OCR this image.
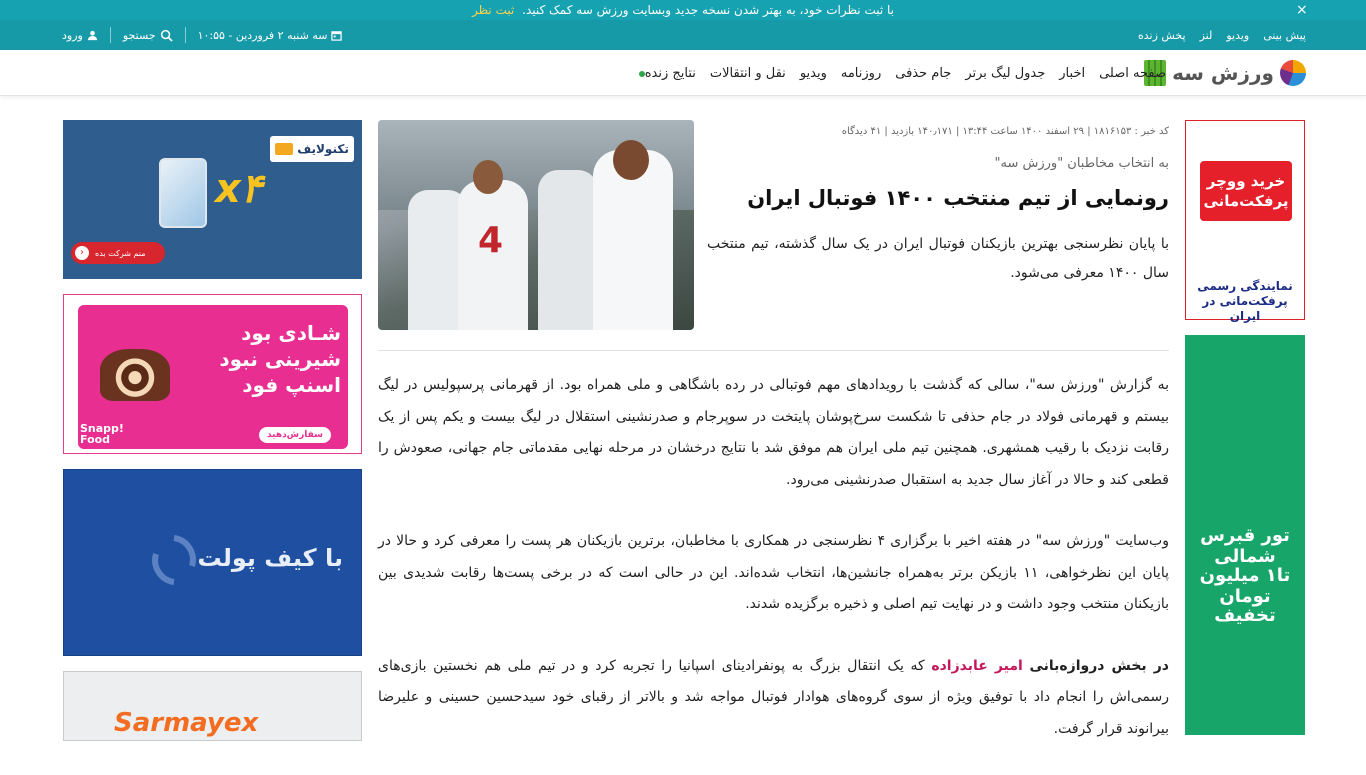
با ثبت نظرات خود، به بهتر شدن نسخه جدید وبسایت ورزش سه کمک کنید. ثبت نظر	×
پیش بینی
ویدیو
لنز
پخش زنده
ورود	جستجو	سه شنبه ۲ فروردین - ۱۰:۵۵
ورزش سه
صفحه اصلی
اخبار
جدول لیگ برتر
جام حذفی
روزنامه
ویدیو
نقل و انتقالات
نتایج زنده
تکنولایف
x۴
منم شرکت بده
‹
شـادی بود
شیرینی نبود
اسنپ فود
Snapp! Food	سفارش‌دهید
با کیف پولت
Sarmayex
خرید ووچر پرفکت‌مانی
نمایندگی رسمی پرفکت‌مانی در ایران
تور قبرس شمالی
تا۱ میلیون تومان
تخفیف
کد خبر : ۱۸۱۶۱۵۳ | ۲۹ اسفند ۱۴۰۰ ساعت ۱۳:۴۴ | ۱۴۰٫۱۷۱ بازدید | ۴۱ دیدگاه
به انتخاب مخاطبان "ورزش سه"
رونمایی از تیم منتخب ۱۴۰۰ فوتبال ایران

با پایان نظرسنجی بهترین بازیکنان فوتبال ایران در یک سال گذشته، تیم منتخب سال ۱۴۰۰ معرفی می‌شود.

4

به گزارش "ورزش سه"، سالی که گذشت با رویدادهای مهم فوتبالی در رده باشگاهی و ملی همراه بود. از قهرمانی پرسپولیس در لیگ بیستم و قهرمانی فولاد در جام حذفی تا شکست سرخ‌پوشان پایتخت در سوپرجام و صدرنشینی استقلال در لیگ بیست و یکم پس از یک رقابت نزدیک با رقیب همشهری. همچنین تیم ملی ایران هم موفق شد با نتایج درخشان در مرحله نهایی مقدماتی جام جهانی، صعودش را قطعی کند و حالا در آغاز سال جدید به استقبال صدرنشینی می‌رود.

وب‌سایت "ورزش سه" در هفته اخیر با برگزاری ۴ نظرسنجی در همکاری با مخاطبان، برترین بازیکنان هر پست را معرفی کرد و حالا در پایان این نظرخواهی، ۱۱ بازیکن برتر به‌همراه جانشین‌ها، انتخاب شده‌اند. این در حالی است که در برخی پست‌ها رقابت شدیدی بین بازیکنان منتخب وجود داشت و در نهایت تیم اصلی و ذخیره برگزیده شدند.

در بخش دروازه‌بانی امیر عابدزاده که یک انتقال بزرگ به پونفرادینای اسپانیا را تجربه کرد و در تیم ملی هم نخستین بازی‌های رسمی‌اش را انجام داد با توفیق ویژه از سوی گروه‌های هوادار فوتبال مواجه شد و بالاتر از رقبای خود سیدحسین حسینی و علیرضا بیرانوند قرار گرفت.
